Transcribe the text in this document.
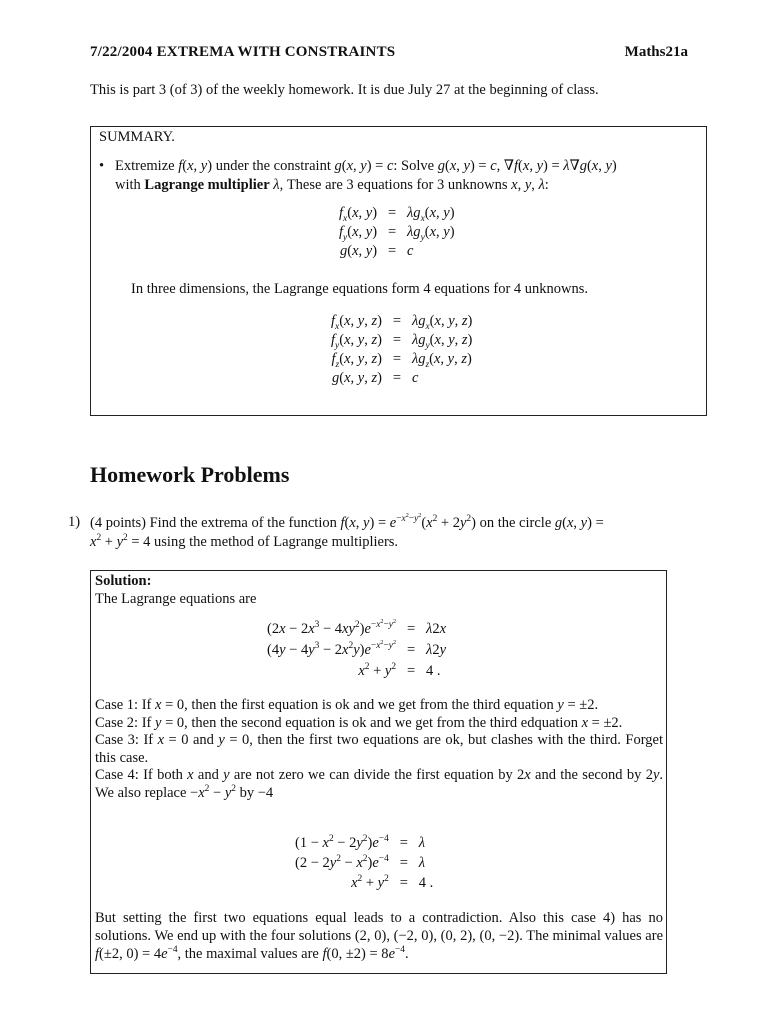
7/22/2004 EXTREMA WITH CONSTRAINTS	Maths21a
This is part 3 (of 3) of the weekly homework. It is due July 27 at the beginning of class.
SUMMARY.
• Extremize f(x, y) under the constraint g(x, y) = c: Solve g(x, y) = c, ∇f(x, y) = λ∇g(x, y)
with Lagrange multiplier λ, These are 3 equations for 3 unknowns x, y, λ:
$f_x(x$, $y) = \lambda g_x(x$, y)
$f_y(x$, $y) = \lambda g_y(x$, y)
g(x, y) = c
In three dimensions, the Lagrange equations form 4 equations for 4 unknowns.
$f_x(x$, y, $z) = \lambda g_x(x$, y, z)
$f_y(x$, y, $z) = \lambda g_y(x$, y, z)
$f_z(x$, y, $z) = \lambda g_z(x$, y, z)
g(x, y, z) = c
Homework Problems
1) (4 points) Find the extrema of the function f(x, $y) = e^{-x^2-y^2}(x^2 + 2y^2)$ on the circle g(x, y) =
$x^2 + y^2 = 4$ using the method of Lagrange multipliers.
Solution:
The Lagrange equations are
$(2x - 2x^3 - 4xy^2)e^{-x^2-y^2} = \lambda 2x$
$(4y - 4y^3 - 2x^2y)e^{-x^2-y^2} = \lambda 2y$
$x^2 + y^2 = 4$ .
Case 1: If x = 0, then the first equation is ok and we get from the third equation y = ±2.
Case 2: If y = 0, then the second equation is ok and we get from the third edquation x = ±2.
Case 3: If x = 0 and y = 0, then the first two equations are ok, but clashes with the third. Forget this case.
Case 4: If both x and y are not zero we can divide the first equation by 2x and the second by 2y. We also replace $-x^2 - y^2$ by −4
$(1 - x^2 - 2y^2)e^{-4} = \lambda$
$(2 - 2y^2 - x^2)e^{-4} = \lambda$
$x^2 + y^2 = 4$ .
But setting the first two equations equal leads to a contradiction. Also this case 4) has no solutions. We end up with the four solutions (2, 0), (−2, 0), (0, 2), (0, −2). The minimal values are f(±2, $0) = 4e^{-4}$, the maximal values are f(0, $\pm 2) = 8e^{-4}$.
